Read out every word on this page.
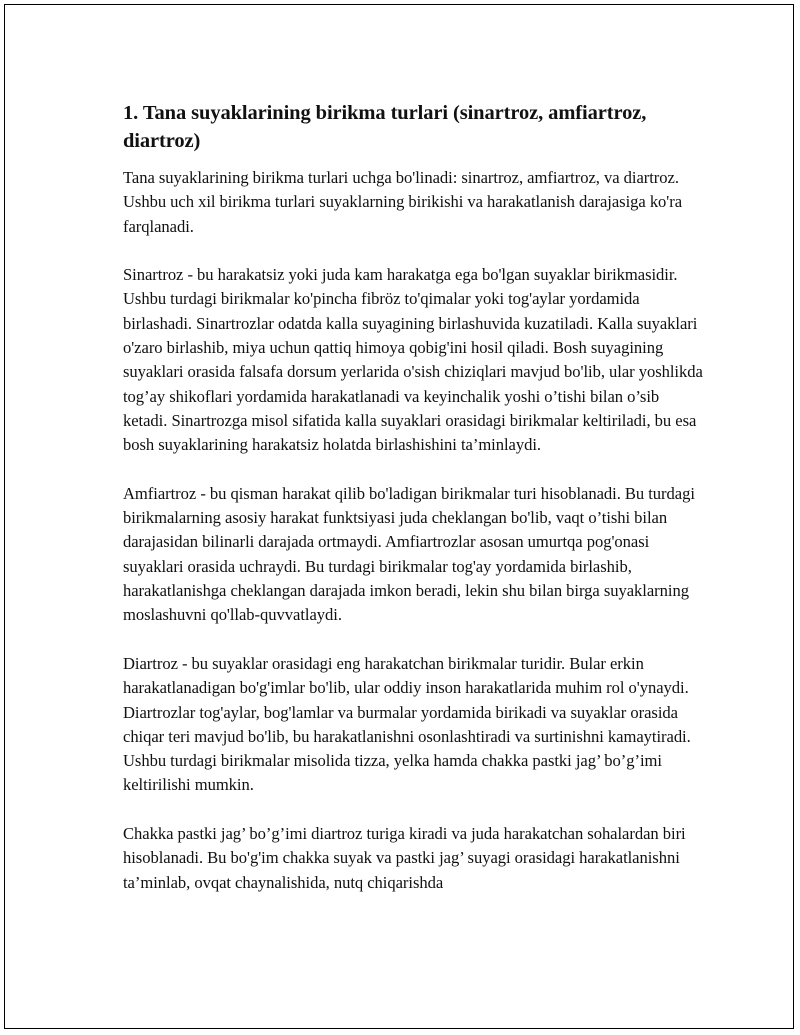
1. Tana suyaklarining birikma turlari (sinartroz, amfiartroz, diartroz)

Tana suyaklarining birikma turlari uchga bo'linadi: sinartroz, amfiartroz, va diartroz. Ushbu uch xil birikma turlari suyaklarning birikishi va harakatlanish darajasiga ko'ra farqlanadi.

Sinartroz - bu harakatsiz yoki juda kam harakatga ega bo'lgan suyaklar birikmasidir. Ushbu turdagi birikmalar ko'pincha fibröz to'qimalar yoki tog'aylar yordamida birlashadi. Sinartrozlar odatda kalla suyagining birlashuvida kuzatiladi. Kalla suyaklari o'zaro birlashib, miya uchun qattiq himoya qobig'ini hosil qiladi. Bosh suyagining suyaklari orasida falsafa dorsum yerlarida o'sish chiziqlari mavjud bo'lib, ular yoshlikda tog’ay shikoflari yordamida harakatlanadi va keyinchalik yoshi o’tishi bilan o’sib ketadi. Sinartrozga misol sifatida kalla suyaklari orasidagi birikmalar keltiriladi, bu esa bosh suyaklarining harakatsiz holatda birlashishini ta’minlaydi.

Amfiartroz - bu qisman harakat qilib bo'ladigan birikmalar turi hisoblanadi. Bu turdagi birikmalarning asosiy harakat funktsiyasi juda cheklangan bo'lib, vaqt o’tishi bilan darajasidan bilinarli darajada ortmaydi. Amfiartrozlar asosan umurtqa pog'onasi suyaklari orasida uchraydi. Bu turdagi birikmalar tog'ay yordamida birlashib, harakatlanishga cheklangan darajada imkon beradi, lekin shu bilan birga suyaklarning moslashuvni qo'llab-quvvatlaydi.

Diartroz - bu suyaklar orasidagi eng harakatchan birikmalar turidir. Bular erkin harakatlanadigan bo'g'imlar bo'lib, ular oddiy inson harakatlarida muhim rol o'ynaydi. Diartrozlar tog'aylar, bog'lamlar va burmalar yordamida birikadi va suyaklar orasida chiqar teri mavjud bo'lib, bu harakatlanishni osonlashtiradi va surtinishni kamaytiradi. Ushbu turdagi birikmalar misolida tizza, yelka hamda chakka pastki jag’ bo’g’imi keltirilishi mumkin.

Chakka pastki jag’ bo’g’imi diartroz turiga kiradi va juda harakatchan sohalardan biri hisoblanadi. Bu bo'g'im chakka suyak va pastki jag’ suyagi orasidagi harakatlanishni ta’minlab, ovqat chaynalishida, nutq chiqarishda
